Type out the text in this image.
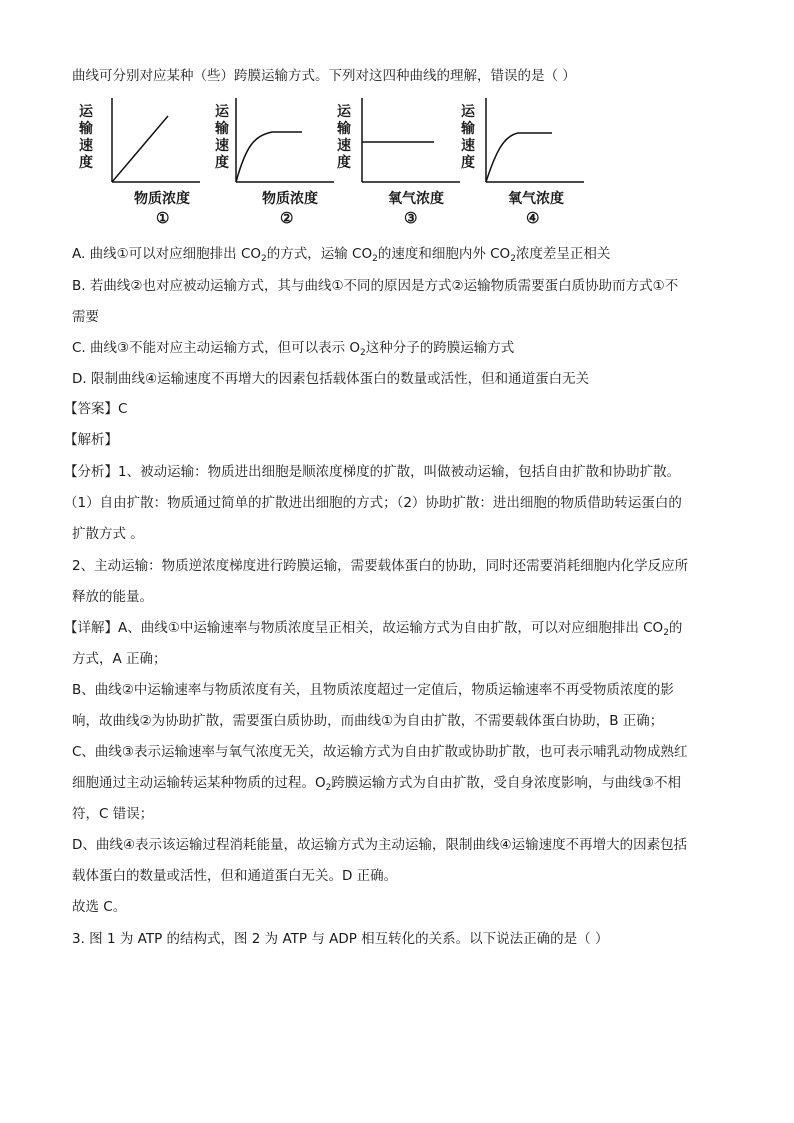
曲线可分别对应某种（些）跨膜运输方式。下列对这四种曲线的理解，错误的是（ ）
运
输
速
度
物质浓度
①
运
输
速
度
物质浓度
②
运
输
速
度
氧气浓度
③
运
输
速
度
氧气浓度
④
A. 曲线①可以对应细胞排出 $CO_2$的方式，运输 $CO_2$的速度和细胞内外 $CO_2$浓度差呈正相关
B. 若曲线②也对应被动运输方式，其与曲线①不同的原因是方式②运输物质需要蛋白质协助而方式①不
需要
C. 曲线③不能对应主动运输方式，但可以表示 $O_2$这种分子的跨膜运输方式
D. 限制曲线④运输速度不再增大的因素包括载体蛋白的数量或活性，但和通道蛋白无关
【答案】C
【解析】
【分析】1、被动运输：物质进出细胞是顺浓度梯度的扩散，叫做被动运输，包括自由扩散和协助扩散。
（1）自由扩散：物质通过简单的扩散进出细胞的方式；（2）协助扩散：进出细胞的物质借助转运蛋白的
扩散方式 。
2、主动运输：物质逆浓度梯度进行跨膜运输，需要载体蛋白的协助，同时还需要消耗细胞内化学反应所
释放的能量。
【详解】A、曲线①中运输速率与物质浓度呈正相关，故运输方式为自由扩散，可以对应细胞排出 $CO_2$的
方式，A 正确；
B、曲线②中运输速率与物质浓度有关，且物质浓度超过一定值后，物质运输速率不再受物质浓度的影
响，故曲线②为协助扩散，需要蛋白质协助，而曲线①为自由扩散，不需要载体蛋白协助，B 正确；
C、曲线③表示运输速率与氧气浓度无关，故运输方式为自由扩散或协助扩散，也可表示哺乳动物成熟红
细胞通过主动运输转运某种物质的过程。$O_2$跨膜运输方式为自由扩散，受自身浓度影响，与曲线③不相
符，C 错误；
D、曲线④表示该运输过程消耗能量，故运输方式为主动运输，限制曲线④运输速度不再增大的因素包括
载体蛋白的数量或活性，但和通道蛋白无关。D 正确。
故选 C。
3. 图 1 为 ATP 的结构式，图 2 为 ATP 与 ADP 相互转化的关系。以下说法正确的是（ ）
